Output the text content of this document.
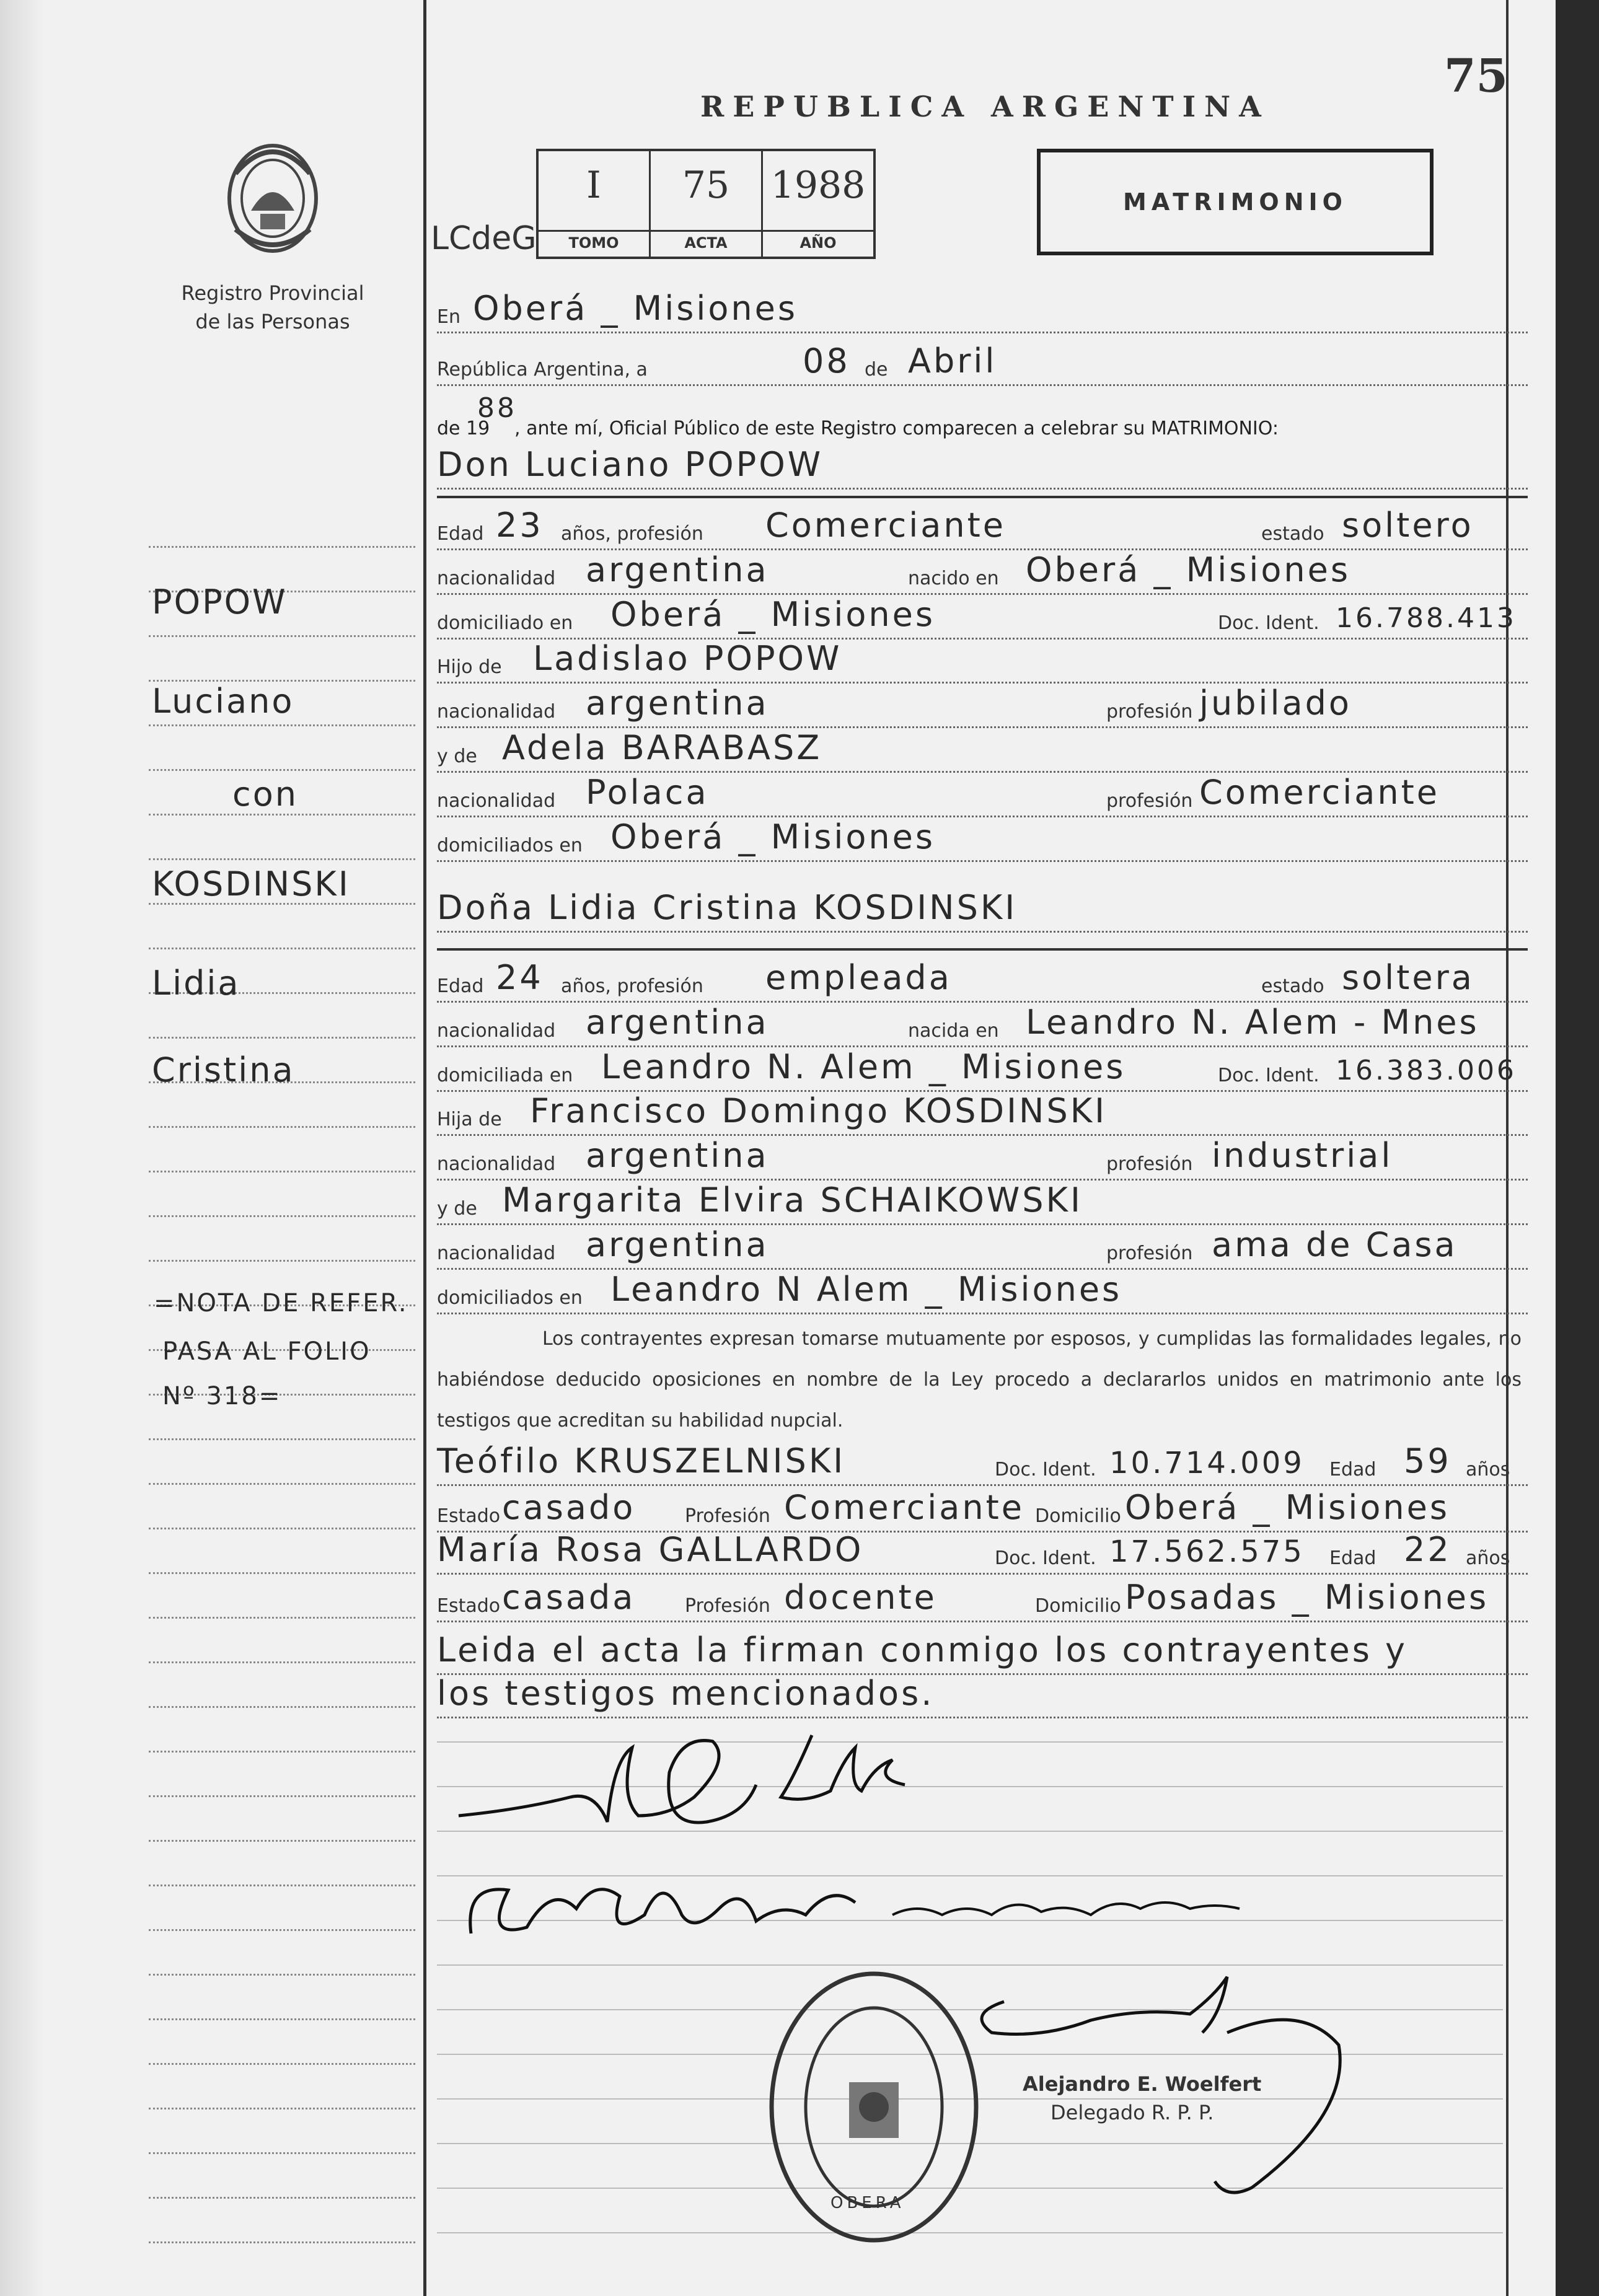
75
REPUBLICA ARGENTINA
Registro Provincial
de las Personas
LCdeG
I
TOMO
75
ACTA
1988
AÑO
MATRIMONIO
En Oberá _ Misiones
República Argentina, a	08 de Abril
de 19
88
, ante mí, Oficial Público de este Registro comparecen a celebrar su MATRIMONIO:
Don Luciano POPOW
Edad 23 años, profesión Comerciante	estado soltero
nacionalidad argentina	nacido en Oberá _ Misiones
domiciliado en Oberá _ Misiones	Doc. Ident. 16.788.413
Hijo de Ladislao POPOW
nacionalidad argentina	profesión jubilado
y de Adela BARABASZ
nacionalidad Polaca	profesión Comerciante
domiciliados en Oberá _ Misiones
Doña Lidia Cristina KOSDINSKI
Edad 24 años, profesión empleada	estado soltera
nacionalidad argentina	nacida en Leandro N. Alem - Mnes
domiciliada en Leandro N. Alem _ Misiones	Doc. Ident. 16.383.006
Hija de Francisco Domingo KOSDINSKI
nacionalidad argentina	profesión industrial
y de Margarita Elvira SCHAIKOWSKI
nacionalidad argentina	profesión ama de Casa
domiciliados en Leandro N Alem _ Misiones
Los contrayentes expresan tomarse mutuamente por esposos, y cumplidas las formalidades legales, no habiéndose deducido oposiciones en nombre de la Ley procedo a declararlos unidos en matrimonio ante los testigos que acreditan su habilidad nupcial.
Teófilo KRUSZELNISKI	Doc. Ident. 10.714.009 Edad 59 años
Estado casado	Profesión Comerciante Domicilio Oberá _ Misiones
María Rosa GALLARDO	Doc. Ident. 17.562.575 Edad 22 años
Estado casada	Profesión docente	Domicilio Posadas _ Misiones
Leida el acta la firman conmigo los contrayentes y
los testigos mencionados.
OBERA
Alejandro E. Woelfert
Delegado R. P. P.
POPOW
Luciano
con
KOSDINSKI
Lidia
Cristina
=NOTA DE REFER.
PASA AL FOLIO
Nº 318=
